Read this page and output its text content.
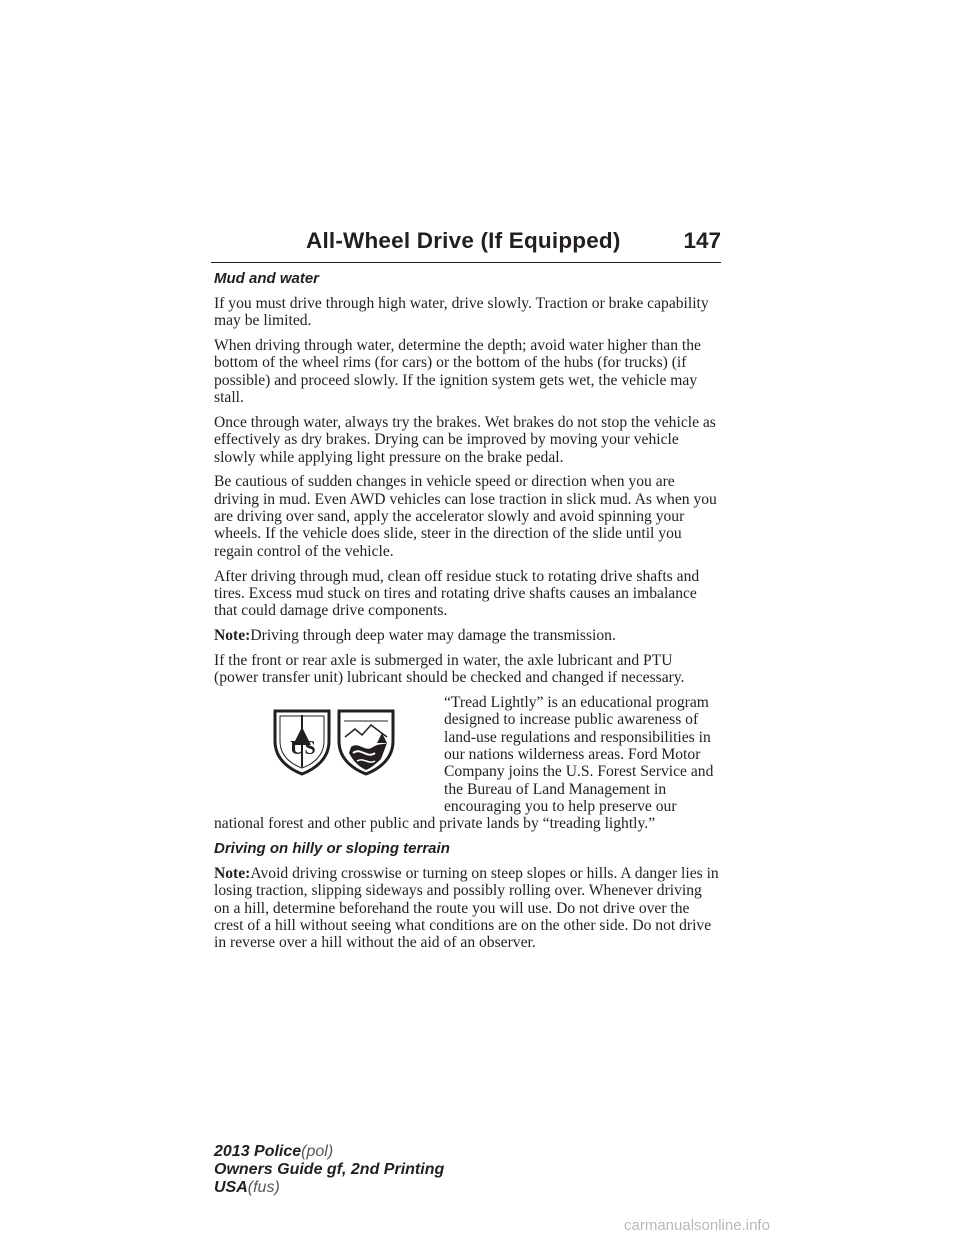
All-Wheel Drive (If Equipped)	147
Mud and water

If you must drive through high water, drive slowly. Traction or brake capability may be limited.

When driving through water, determine the depth; avoid water higher than the bottom of the wheel rims (for cars) or the bottom of the hubs (for trucks) (if possible) and proceed slowly. If the ignition system gets wet, the vehicle may stall.

Once through water, always try the brakes. Wet brakes do not stop the vehicle as effectively as dry brakes. Drying can be improved by moving your vehicle slowly while applying light pressure on the brake pedal.

Be cautious of sudden changes in vehicle speed or direction when you are driving in mud. Even AWD vehicles can lose traction in slick mud. As when you are driving over sand, apply the accelerator slowly and avoid spinning your wheels. If the vehicle does slide, steer in the direction of the slide until you regain control of the vehicle.

After driving through mud, clean off residue stuck to rotating drive shafts and tires. Excess mud stuck on tires and rotating drive shafts causes an imbalance that could damage drive components.

Note:Driving through deep water may damage the transmission.

If the front or rear axle is submerged in water, the axle lubricant and PTU (power transfer unit) lubricant should be checked and changed if necessary.

US

“Tread Lightly” is an educational program designed to increase public awareness of land-use regulations and responsibilities in our nations wilderness areas. Ford Motor Company joins the U.S. Forest Service and the Bureau of Land Management in encouraging you to help preserve our national forest and other public and private lands by “treading lightly.”

Driving on hilly or sloping terrain

Note:Avoid driving crosswise or turning on steep slopes or hills. A danger lies in losing traction, slipping sideways and possibly rolling over. Whenever driving on a hill, determine beforehand the route you will use. Do not drive over the crest of a hill without seeing what conditions are on the other side. Do not drive in reverse over a hill without the aid of an observer.

2013 Police(pol)
Owners Guide gf, 2nd Printing
USA(fus)
carmanualsonline.info
